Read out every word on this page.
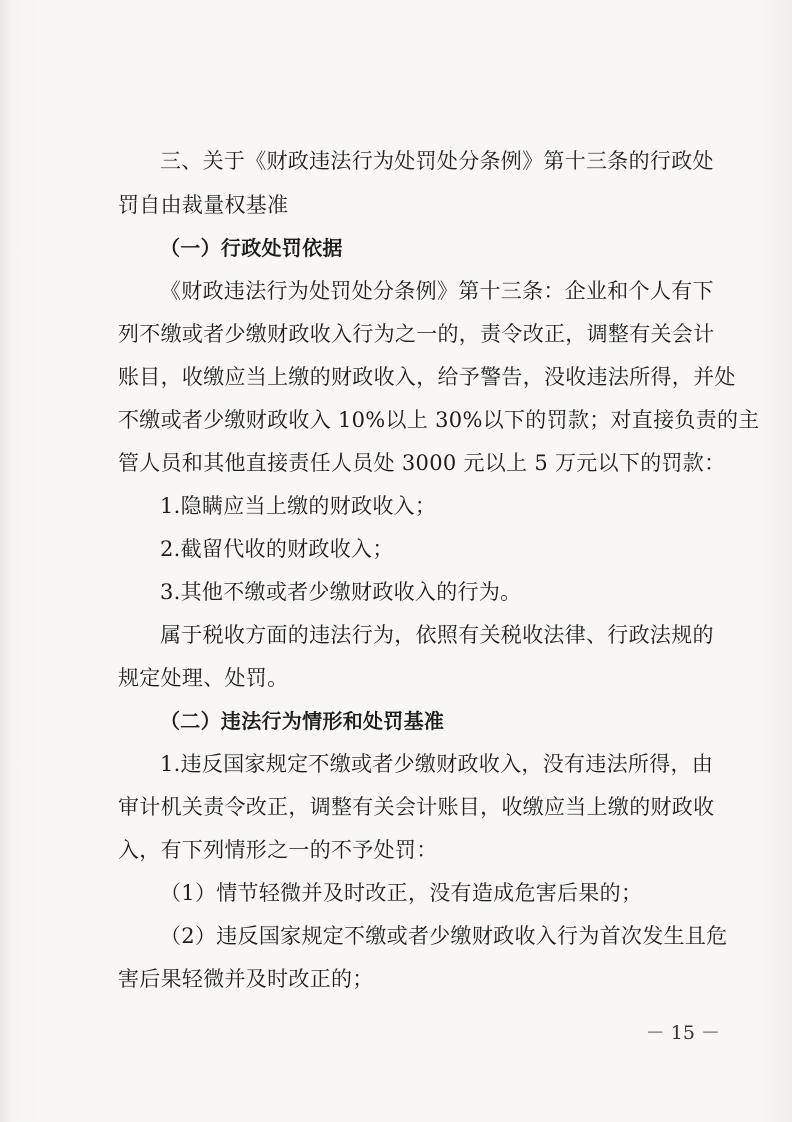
三、关于《财政违法行为处罚处分条例》第十三条的行政处
罚自由裁量权基准
（一）行政处罚依据
《财政违法行为处罚处分条例》第十三条：企业和个人有下
列不缴或者少缴财政收入行为之一的，责令改正，调整有关会计
账目，收缴应当上缴的财政收入，给予警告，没收违法所得，并处
不缴或者少缴财政收入 10%以上 30%以下的罚款；对直接负责的主
管人员和其他直接责任人员处 3000 元以上 5 万元以下的罚款：
1.隐瞒应当上缴的财政收入；
2.截留代收的财政收入；
3.其他不缴或者少缴财政收入的行为。
属于税收方面的违法行为，依照有关税收法律、行政法规的
规定处理、处罚。
（二）违法行为情形和处罚基准
1.违反国家规定不缴或者少缴财政收入，没有违法所得，由
审计机关责令改正，调整有关会计账目，收缴应当上缴的财政收
入，有下列情形之一的不予处罚：
（1）情节轻微并及时改正，没有造成危害后果的；
（2）违反国家规定不缴或者少缴财政收入行为首次发生且危
害后果轻微并及时改正的；
－ 15 －
